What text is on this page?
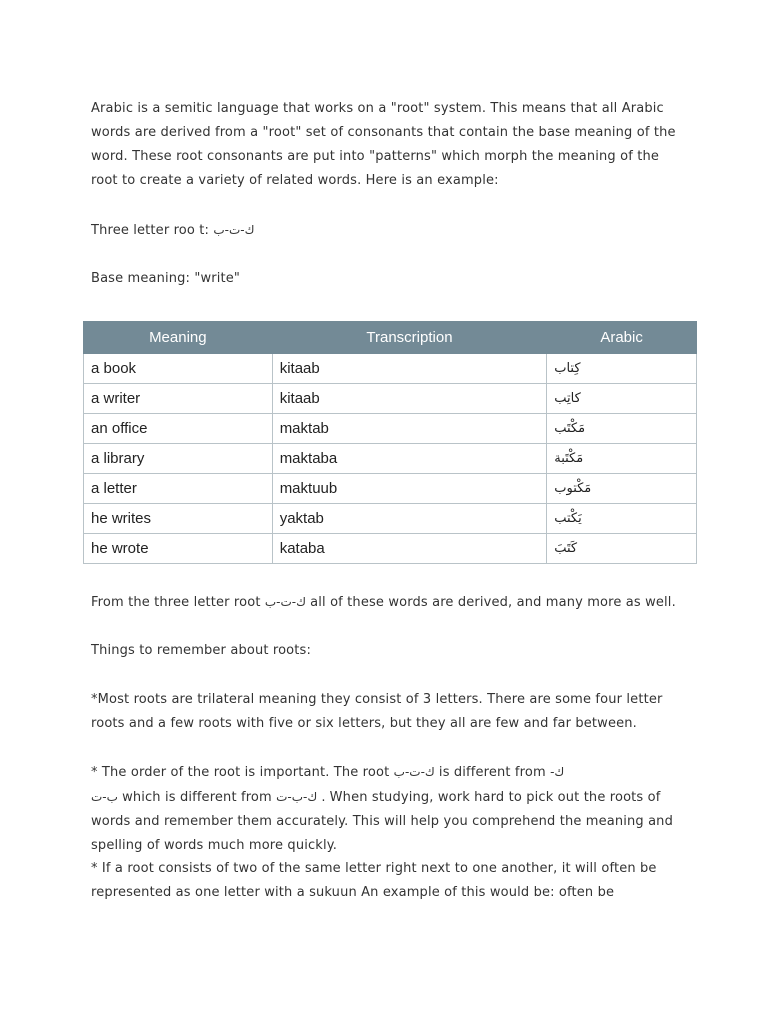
Arabic is a semitic language that works on a "root" system. This means that all Arabic
words are derived from a "root" set of consonants that contain the base meaning of the
word. These root consonants are put into "patterns" which morph the meaning of the
root to create a variety of related words. Here is an example:
Three letter roo t: ك-ت-ب
Base meaning: "write"
Meaning	Transcription	Arabic
a book	kitaab	كِتاب
a writer	kitaab	كاتِب
an office	maktab	مَكْتَب
a library	maktaba	مَكْتَبة
a letter	maktuub	مَكْتوب
he writes	yaktab	يَكْتب
he wrote	kataba	كَتَبَ
From the three letter root ك-ت-ب all of these words are derived, and many more as well.
Things to remember about roots:
*Most roots are trilateral meaning they consist of 3 letters. There are some four letter
roots and a few roots with five or six letters, but they all are few and far between.
* The order of the root is important. The root ك-ت-ب is different from ك-
ب-ت which is different from ك-ب-ت . When studying, work hard to pick out the roots of
words and remember them accurately. This will help you comprehend the meaning and
spelling of words much more quickly.
* If a root consists of two of the same letter right next to one another, it will often be
represented as one letter with a sukuun An example of this would be: often be
